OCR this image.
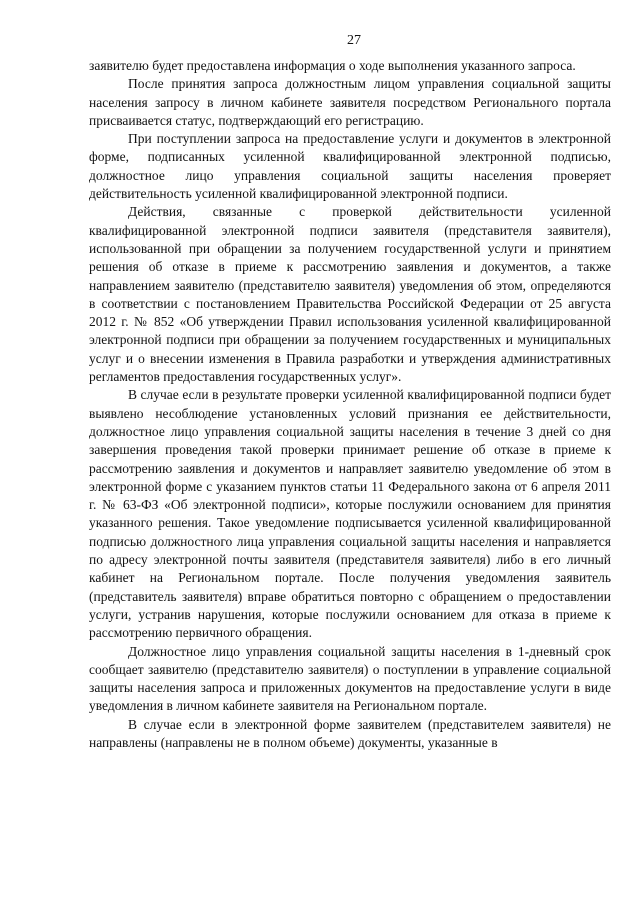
27

заявителю будет предоставлена информация о ходе выполнения указанного запроса.

После принятия запроса должностным лицом управления социальной защиты населения запросу в личном кабинете заявителя посредством Регионального портала присваивается статус, подтверждающий его регистрацию.

При поступлении запроса на предоставление услуги и документов в электронной форме, подписанных усиленной квалифицированной электронной подписью, должностное лицо управления социальной защиты населения проверяет действительность усиленной квалифицированной электронной подписи.

Действия, связанные с проверкой действительности усиленной квалифицированной электронной подписи заявителя (представителя заявителя), использованной при обращении за получением государственной услуги и принятием решения об отказе в приеме к рассмотрению заявления и документов, а также направлением заявителю (представителю заявителя) уведомления об этом, определяются в соответствии с постановлением Правительства Российской Федерации от 25 августа 2012 г. № 852 «Об утверждении Правил использования усиленной квалифицированной электронной подписи при обращении за получением государственных и муниципальных услуг и о внесении изменения в Правила разработки и утверждения административных регламентов предоставления государственных услуг».

В случае если в результате проверки усиленной квалифицированной подписи будет выявлено несоблюдение установленных условий признания ее действительности, должностное лицо управления социальной защиты населения в течение 3 дней со дня завершения проведения такой проверки принимает решение об отказе в приеме к рассмотрению заявления и документов и направляет заявителю уведомление об этом в электронной форме с указанием пунктов статьи 11 Федерального закона от 6 апреля 2011 г. № 63-ФЗ «Об электронной подписи», которые послужили основанием для принятия указанного решения. Такое уведомление подписывается усиленной квалифицированной подписью должностного лица управления социальной защиты населения и направляется по адресу электронной почты заявителя (представителя заявителя) либо в его личный кабинет на Региональном портале. После получения уведомления заявитель (представитель заявителя) вправе обратиться повторно с обращением о предоставлении услуги, устранив нарушения, которые послужили основанием для отказа в приеме к рассмотрению первичного обращения.

Должностное лицо управления социальной защиты населения в 1-дневный срок сообщает заявителю (представителю заявителя) о поступлении в управление социальной защиты населения запроса и приложенных документов на предоставление услуги в виде уведомления в личном кабинете заявителя на Региональном портале.

В случае если в электронной форме заявителем (представителем заявителя) не направлены (направлены не в полном объеме) документы, указанные в
